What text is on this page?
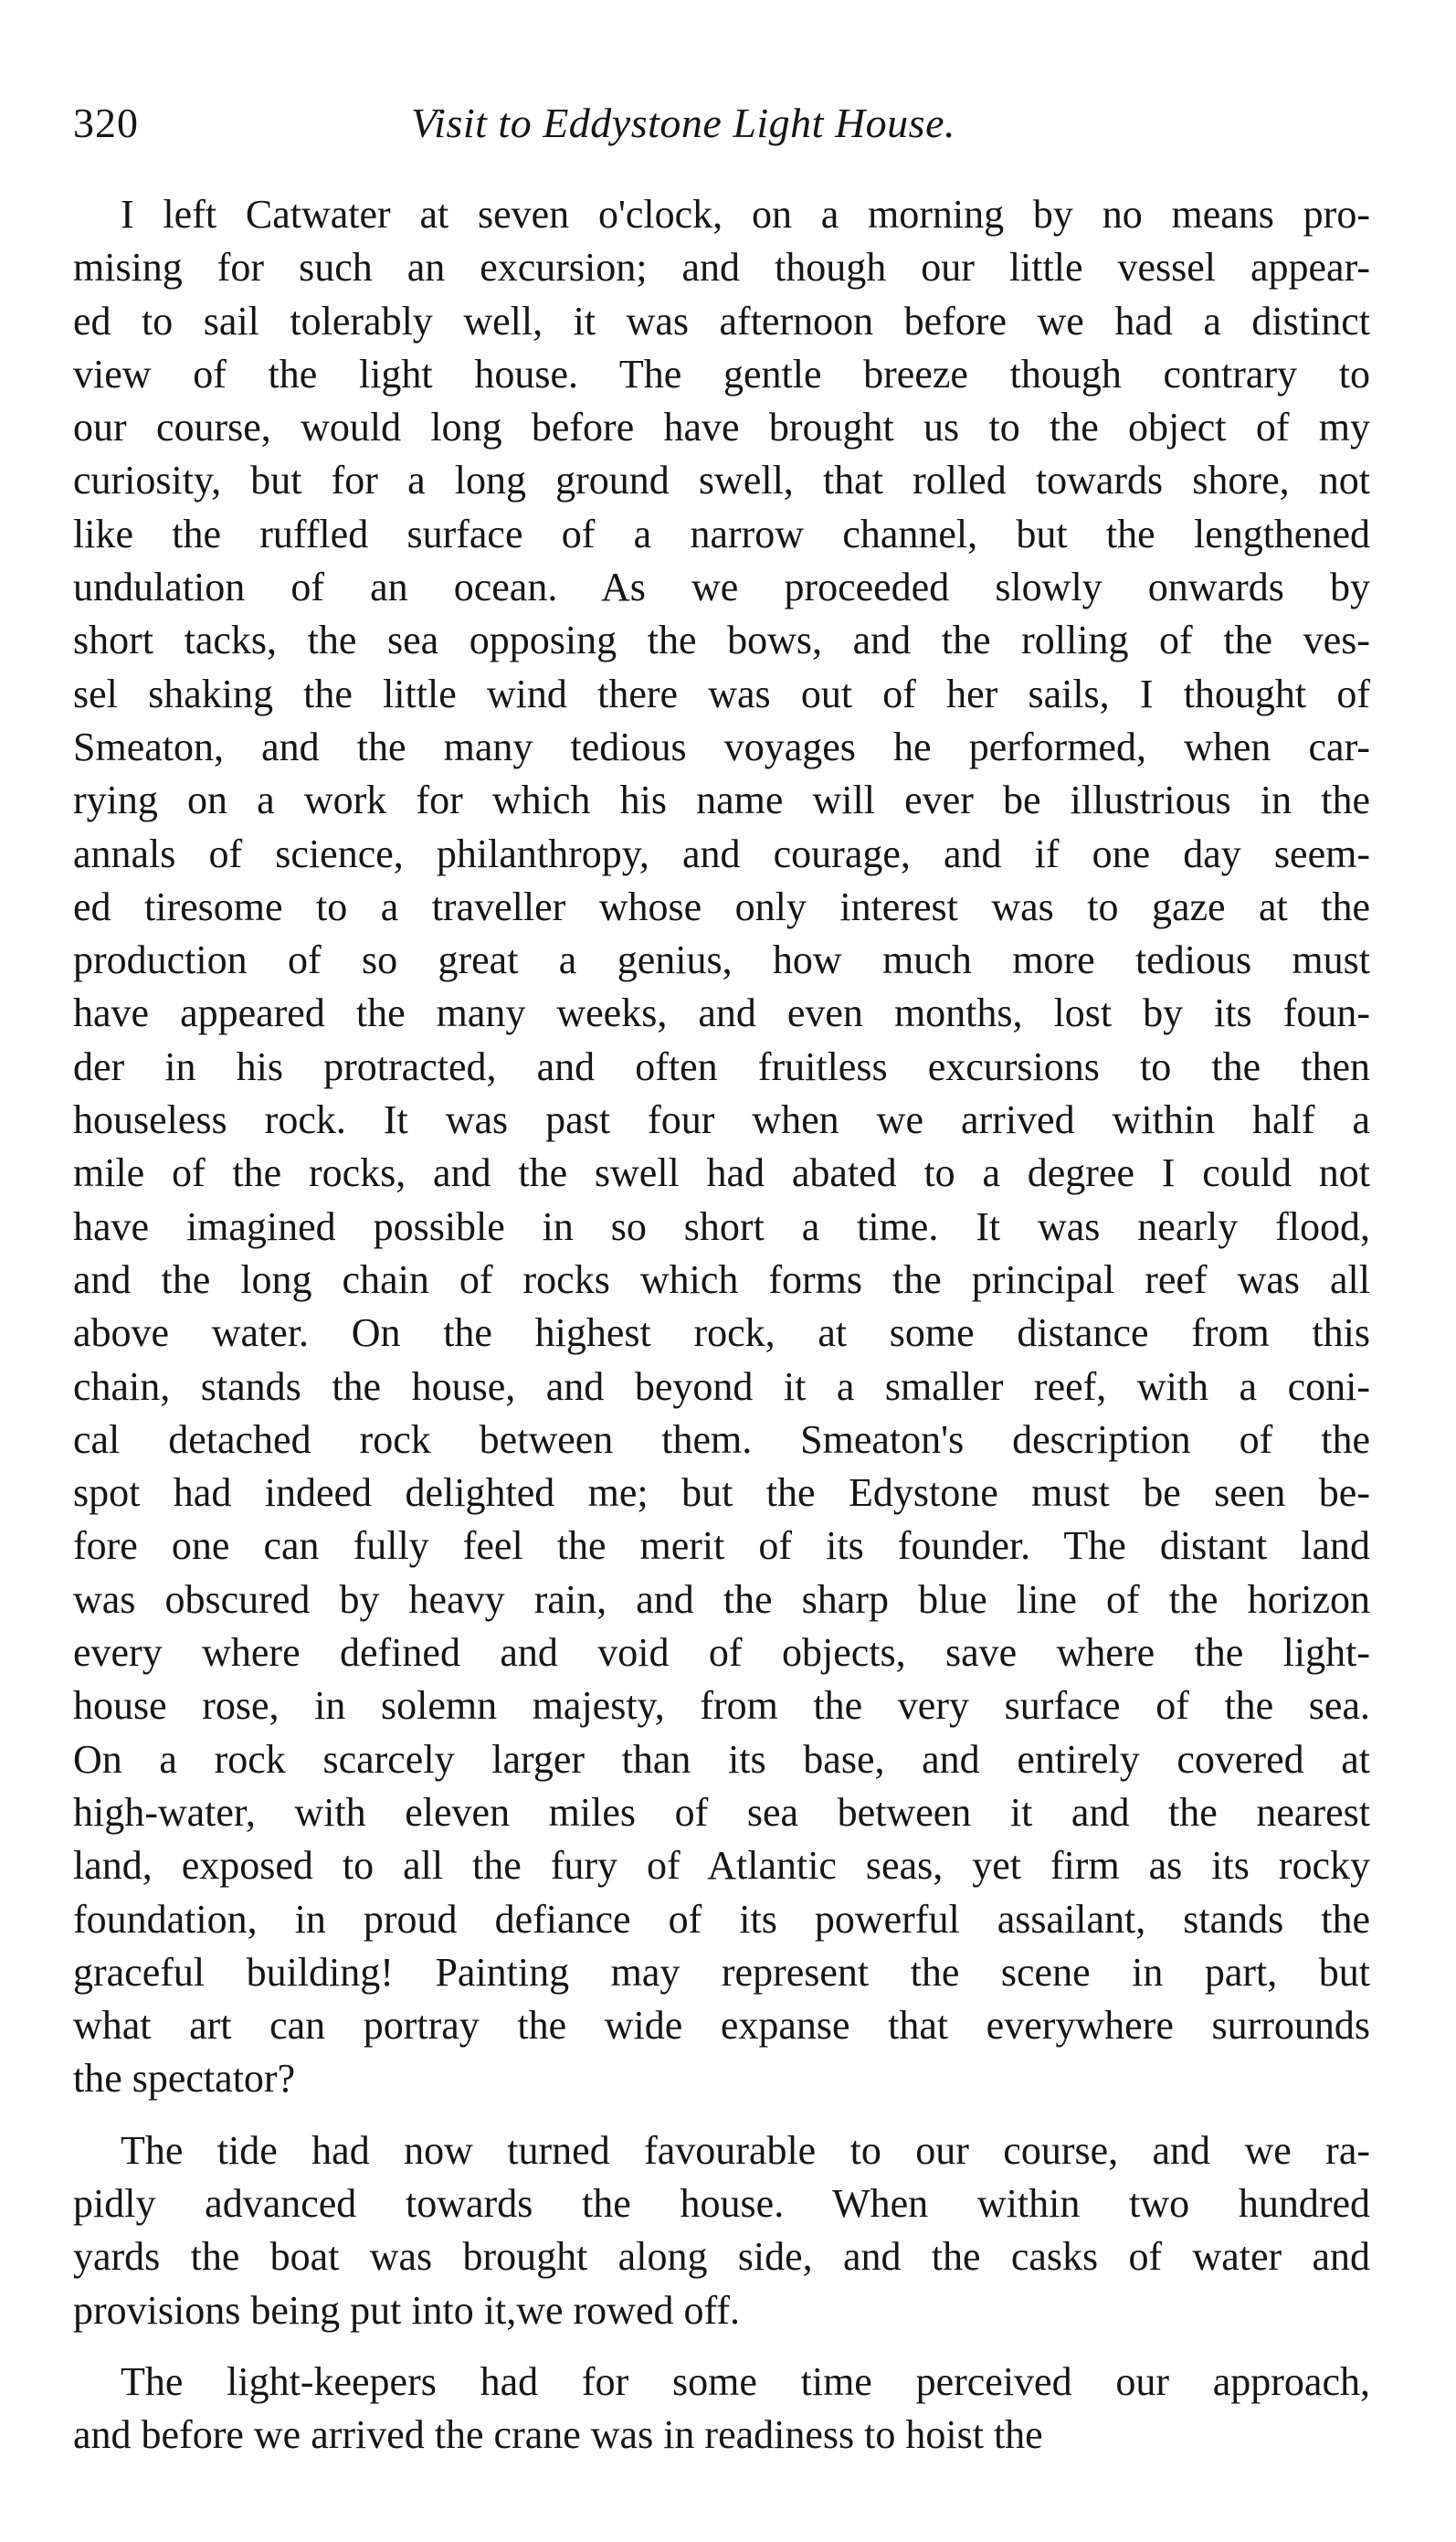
320	Visit to Eddystone Light House.
I left Catwater at seven o'clock, on a morning by no means pro-
mising for such an excursion; and though our little vessel appear-
ed to sail tolerably well, it was afternoon before we had a distinct
view of the light house. The gentle breeze though contrary to
our course, would long before have brought us to the object of my
curiosity, but for a long ground swell, that rolled towards shore, not
like the ruffled surface of a narrow channel, but the lengthened
undulation of an ocean. As we proceeded slowly onwards by
short tacks, the sea opposing the bows, and the rolling of the ves-
sel shaking the little wind there was out of her sails, I thought of
Smeaton, and the many tedious voyages he performed, when car-
rying on a work for which his name will ever be illustrious in the
annals of science, philanthropy, and courage, and if one day seem-
ed tiresome to a traveller whose only interest was to gaze at the
production of so great a genius, how much more tedious must
have appeared the many weeks, and even months, lost by its foun-
der in his protracted, and often fruitless excursions to the then
houseless rock. It was past four when we arrived within half a
mile of the rocks, and the swell had abated to a degree I could not
have imagined possible in so short a time. It was nearly flood,
and the long chain of rocks which forms the principal reef was all
above water. On the highest rock, at some distance from this
chain, stands the house, and beyond it a smaller reef, with a coni-
cal detached rock between them. Smeaton's description of the
spot had indeed delighted me; but the Edystone must be seen be-
fore one can fully feel the merit of its founder. The distant land
was obscured by heavy rain, and the sharp blue line of the horizon
every where defined and void of objects, save where the light-
house rose, in solemn majesty, from the very surface of the sea.
On a rock scarcely larger than its base, and entirely covered at
high-water, with eleven miles of sea between it and the nearest
land, exposed to all the fury of Atlantic seas, yet firm as its rocky
foundation, in proud defiance of its powerful assailant, stands the
graceful building! Painting may represent the scene in part, but
what art can portray the wide expanse that everywhere surrounds
the spectator?
The tide had now turned favourable to our course, and we ra-
pidly advanced towards the house. When within two hundred
yards the boat was brought along side, and the casks of water and
provisions being put into it,we rowed off.
The light-keepers had for some time perceived our approach,
and before we arrived the crane was in readiness to hoist the
